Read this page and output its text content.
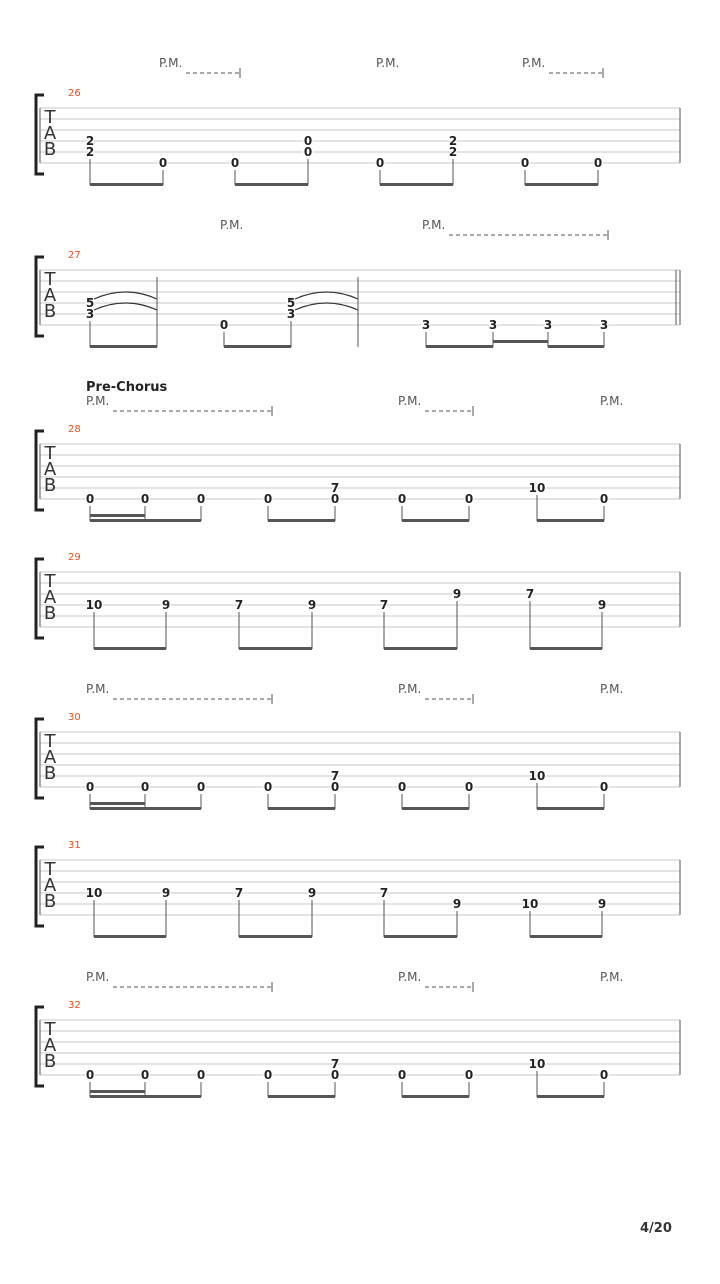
T
A
B
26
P.M.	P.M.	P.M.
2
2
0	0
0
0
0
2
2
0	0
T
A
B
27
P.M.	P.M.
5
3
0
5
3
3	3	3	3
T
A
B
28
Pre-Chorus
P.M.	P.M.	P.M.
0	0	0	0
7
0	0	0
10
0
T
A
B
29
10	9	7	9	7
9	7
9
T
A
B
30
P.M.	P.M.	P.M.
0	0	0	0
7
0	0	0
10
0
T
A
B
31
10	9	7	9	7
9	10	9
T
A
B
32
P.M.	P.M.	P.M.
0	0	0	0
7
0	0	0
10
0
4/20
